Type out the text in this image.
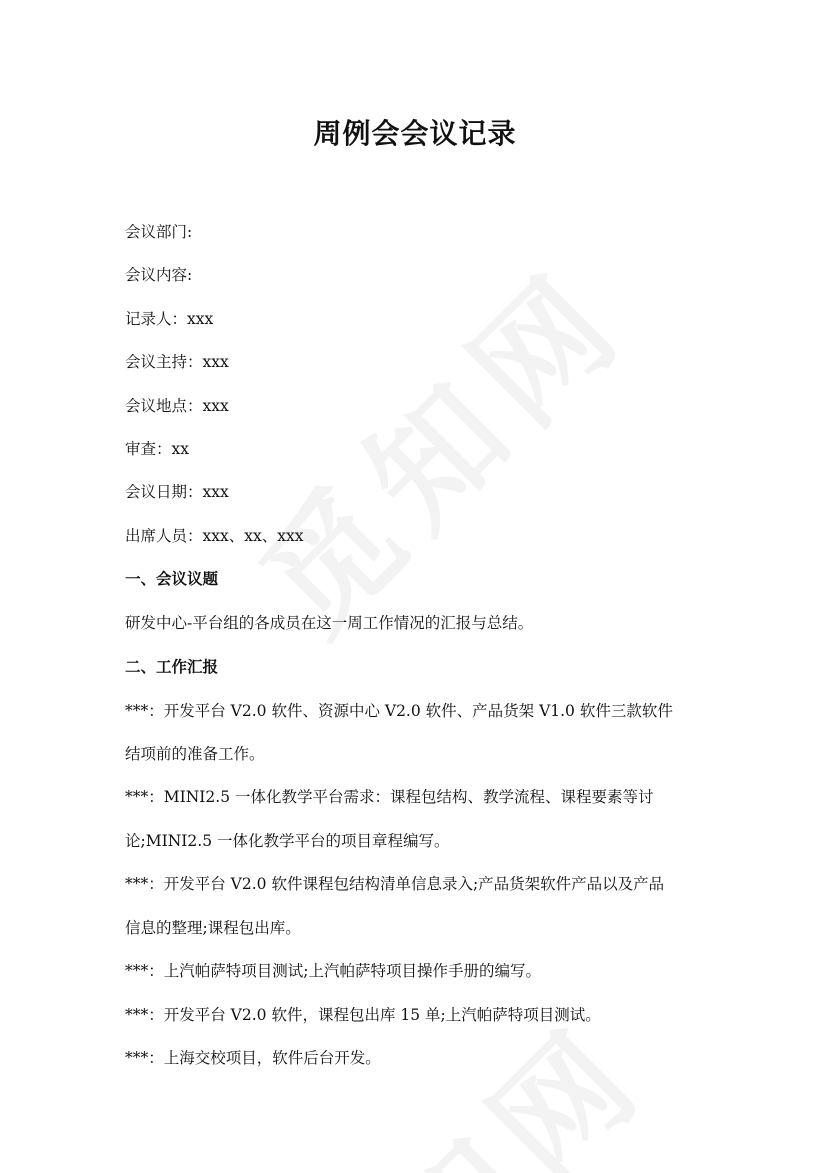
周例会会议记录
会议部门:
会议内容:
记录人：xxx
会议主持：xxx
会议地点：xxx
审查：xx
会议日期：xxx
出席人员：xxx、xx、xxx
一、会议议题
研发中心-平台组的各成员在这一周工作情况的汇报与总结。
二、工作汇报
***：开发平台 V2.0 软件、资源中心 V2.0 软件、产品货架 V1.0 软件三款软件
结项前的准备工作。
***：MINI2.5 一体化教学平台需求：课程包结构、教学流程、课程要素等讨
论;MINI2.5 一体化教学平台的项目章程编写。
***：开发平台 V2.0 软件课程包结构清单信息录入;产品货架软件产品以及产品
信息的整理;课程包出库。
***：上汽帕萨特项目测试;上汽帕萨特项目操作手册的编写。
***：开发平台 V2.0 软件，课程包出库 15 单;上汽帕萨特项目测试。
***：上海交校项目，软件后台开发。
